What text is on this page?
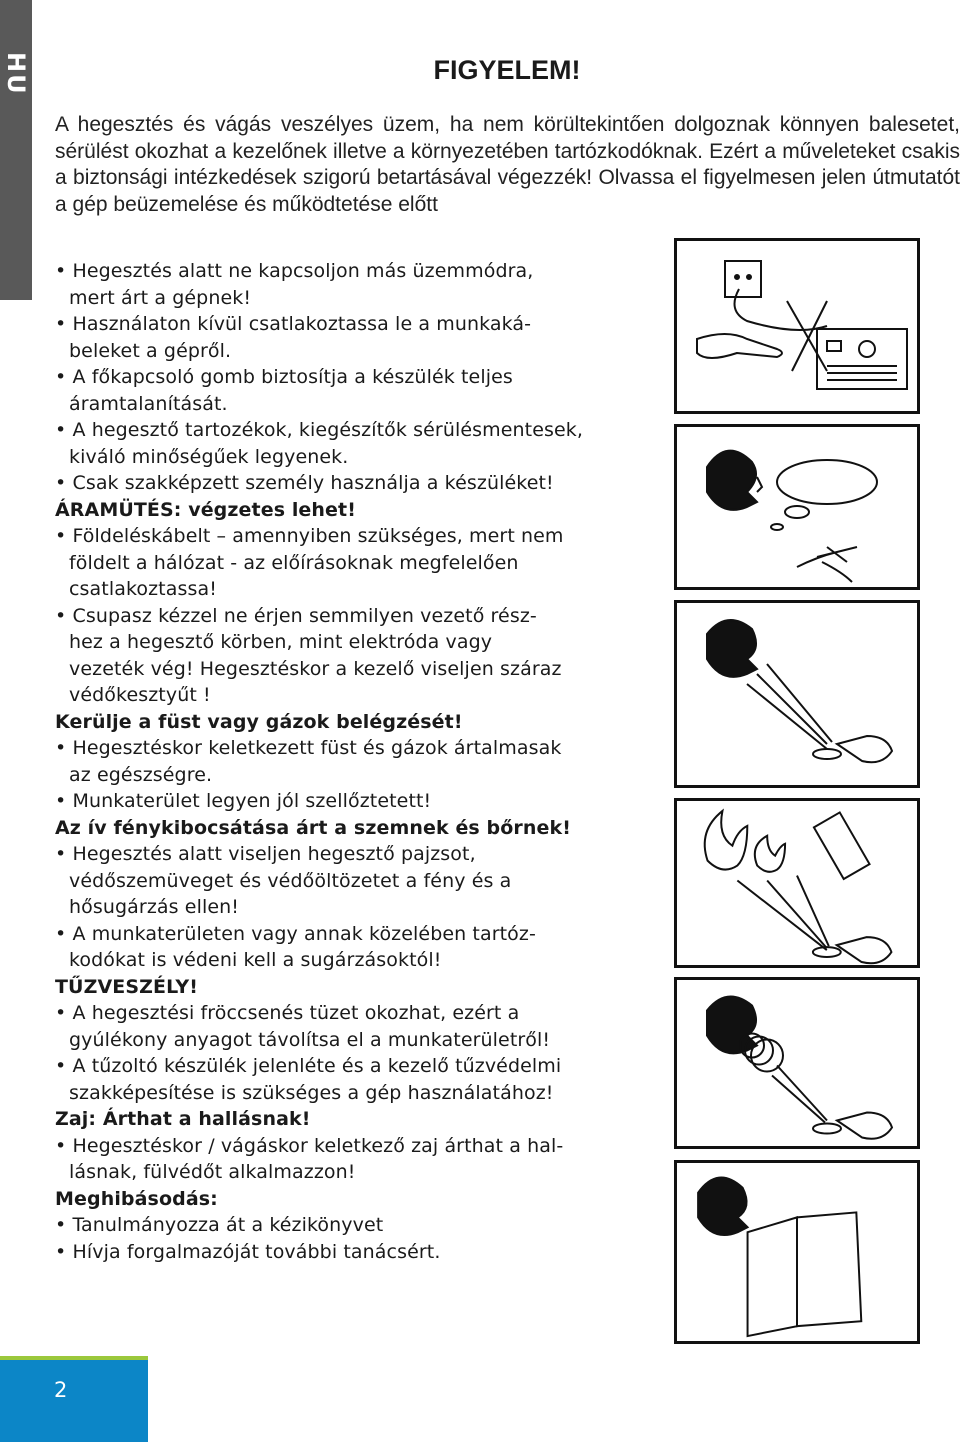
HU	FIGYELEM!

A hegesztés és vágás veszélyes üzem, ha nem körültekintően dolgoznak könnyen balesetet, sérülést okozhat a kezelőnek illetve a környezetében tartózkodóknak. Ezért a műveleteket csakis a biztonsági intézkedések szigorú betartásával végezzék! Olvassa el figyelmesen jelen útmutatót a gép beüzemelése és működtetése előtt

• Hegesztés alatt ne kapcsoljon más üzemmódra,
mert árt a gépnek!
• Használaton kívül csatlakoztassa le a munkaká-
beleket a gépről.
• A főkapcsoló gomb biztosítja a készülék teljes
áramtalanítását.
• A hegesztő tartozékok, kiegészítők sérülésmentesek,
kiváló minőségűek legyenek.
• Csak szakképzett személy használja a készüléket!
ÁRAMÜTÉS: végzetes lehet!
• Földeléskábelt – amennyiben szükséges, mert nem
földelt a hálózat - az előírásoknak megfelelően
csatlakoztassa!
• Csupasz kézzel ne érjen semmilyen vezető rész-
hez a hegesztő körben, mint elektróda vagy
vezeték vég! Hegesztéskor a kezelő viseljen száraz
védőkesztyűt !
Kerülje a füst vagy gázok belégzését!
• Hegesztéskor keletkezett füst és gázok ártalmasak
az egészségre.
• Munkaterület legyen jól szellőztetett!
Az ív fénykibocsátása árt a szemnek és bőrnek!
• Hegesztés alatt viseljen hegesztő pajzsot,
védőszemüveget és védőöltözetet a fény és a
hősugárzás ellen!
• A munkaterületen vagy annak közelében tartóz-
kodókat is védeni kell a sugárzásoktól!
TŰZVESZÉLY!
• A hegesztési fröccsenés tüzet okozhat, ezért a
gyúlékony anyagot távolítsa el a munkaterületről!
• A tűzoltó készülék jelenléte és a kezelő tűzvédelmi
szakképesítése is szükséges a gép használatához!
Zaj: Árthat a hallásnak!
• Hegesztéskor / vágáskor keletkező zaj árthat a hal-
lásnak, fülvédőt alkalmazzon!
Meghibásodás:
• Tanulmányozza át a kézikönyvet
• Hívja forgalmazóját további tanácsért.
2
